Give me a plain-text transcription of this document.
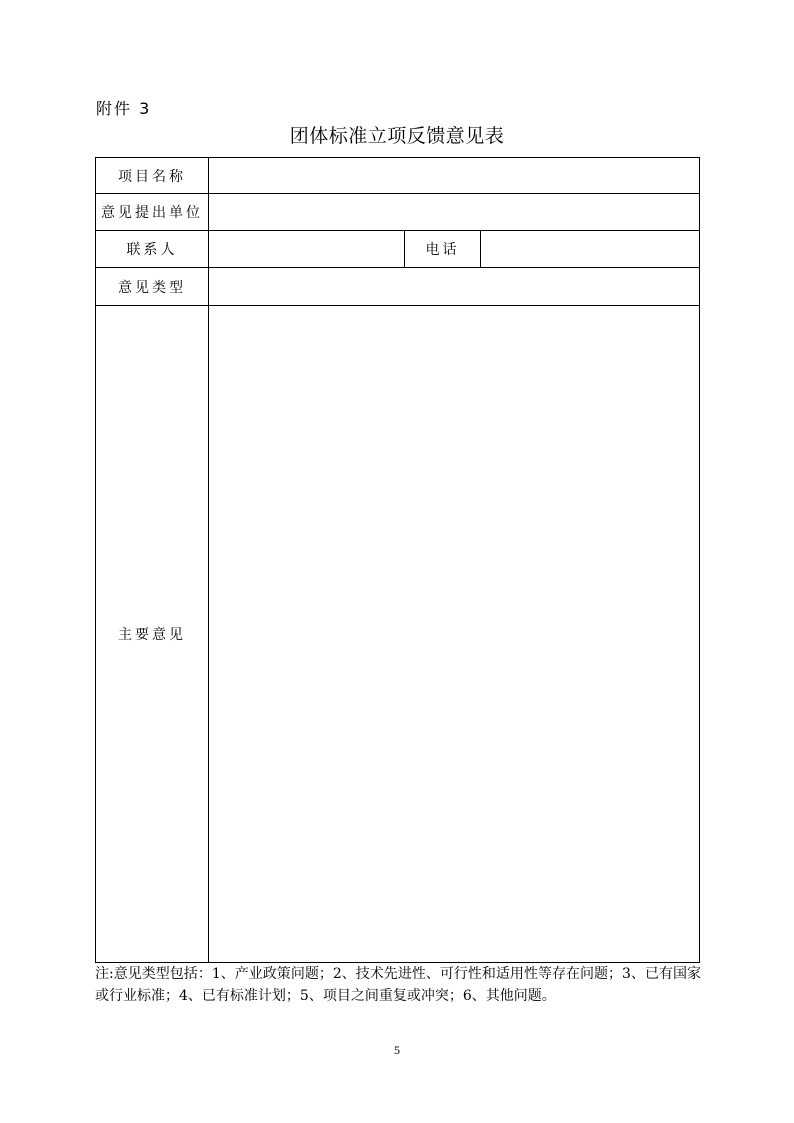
附件 3
团体标准立项反馈意见表
项目名称			
意见提出单位			
联系人		电话	
意见类型			
主要意见			
注:意见类型包括：1、产业政策问题；2、技术先进性、可行性和适用性等存在问题；3、已有国家或行业标准；4、已有标准计划；5、项目之间重复或冲突；6、其他问题。
5
